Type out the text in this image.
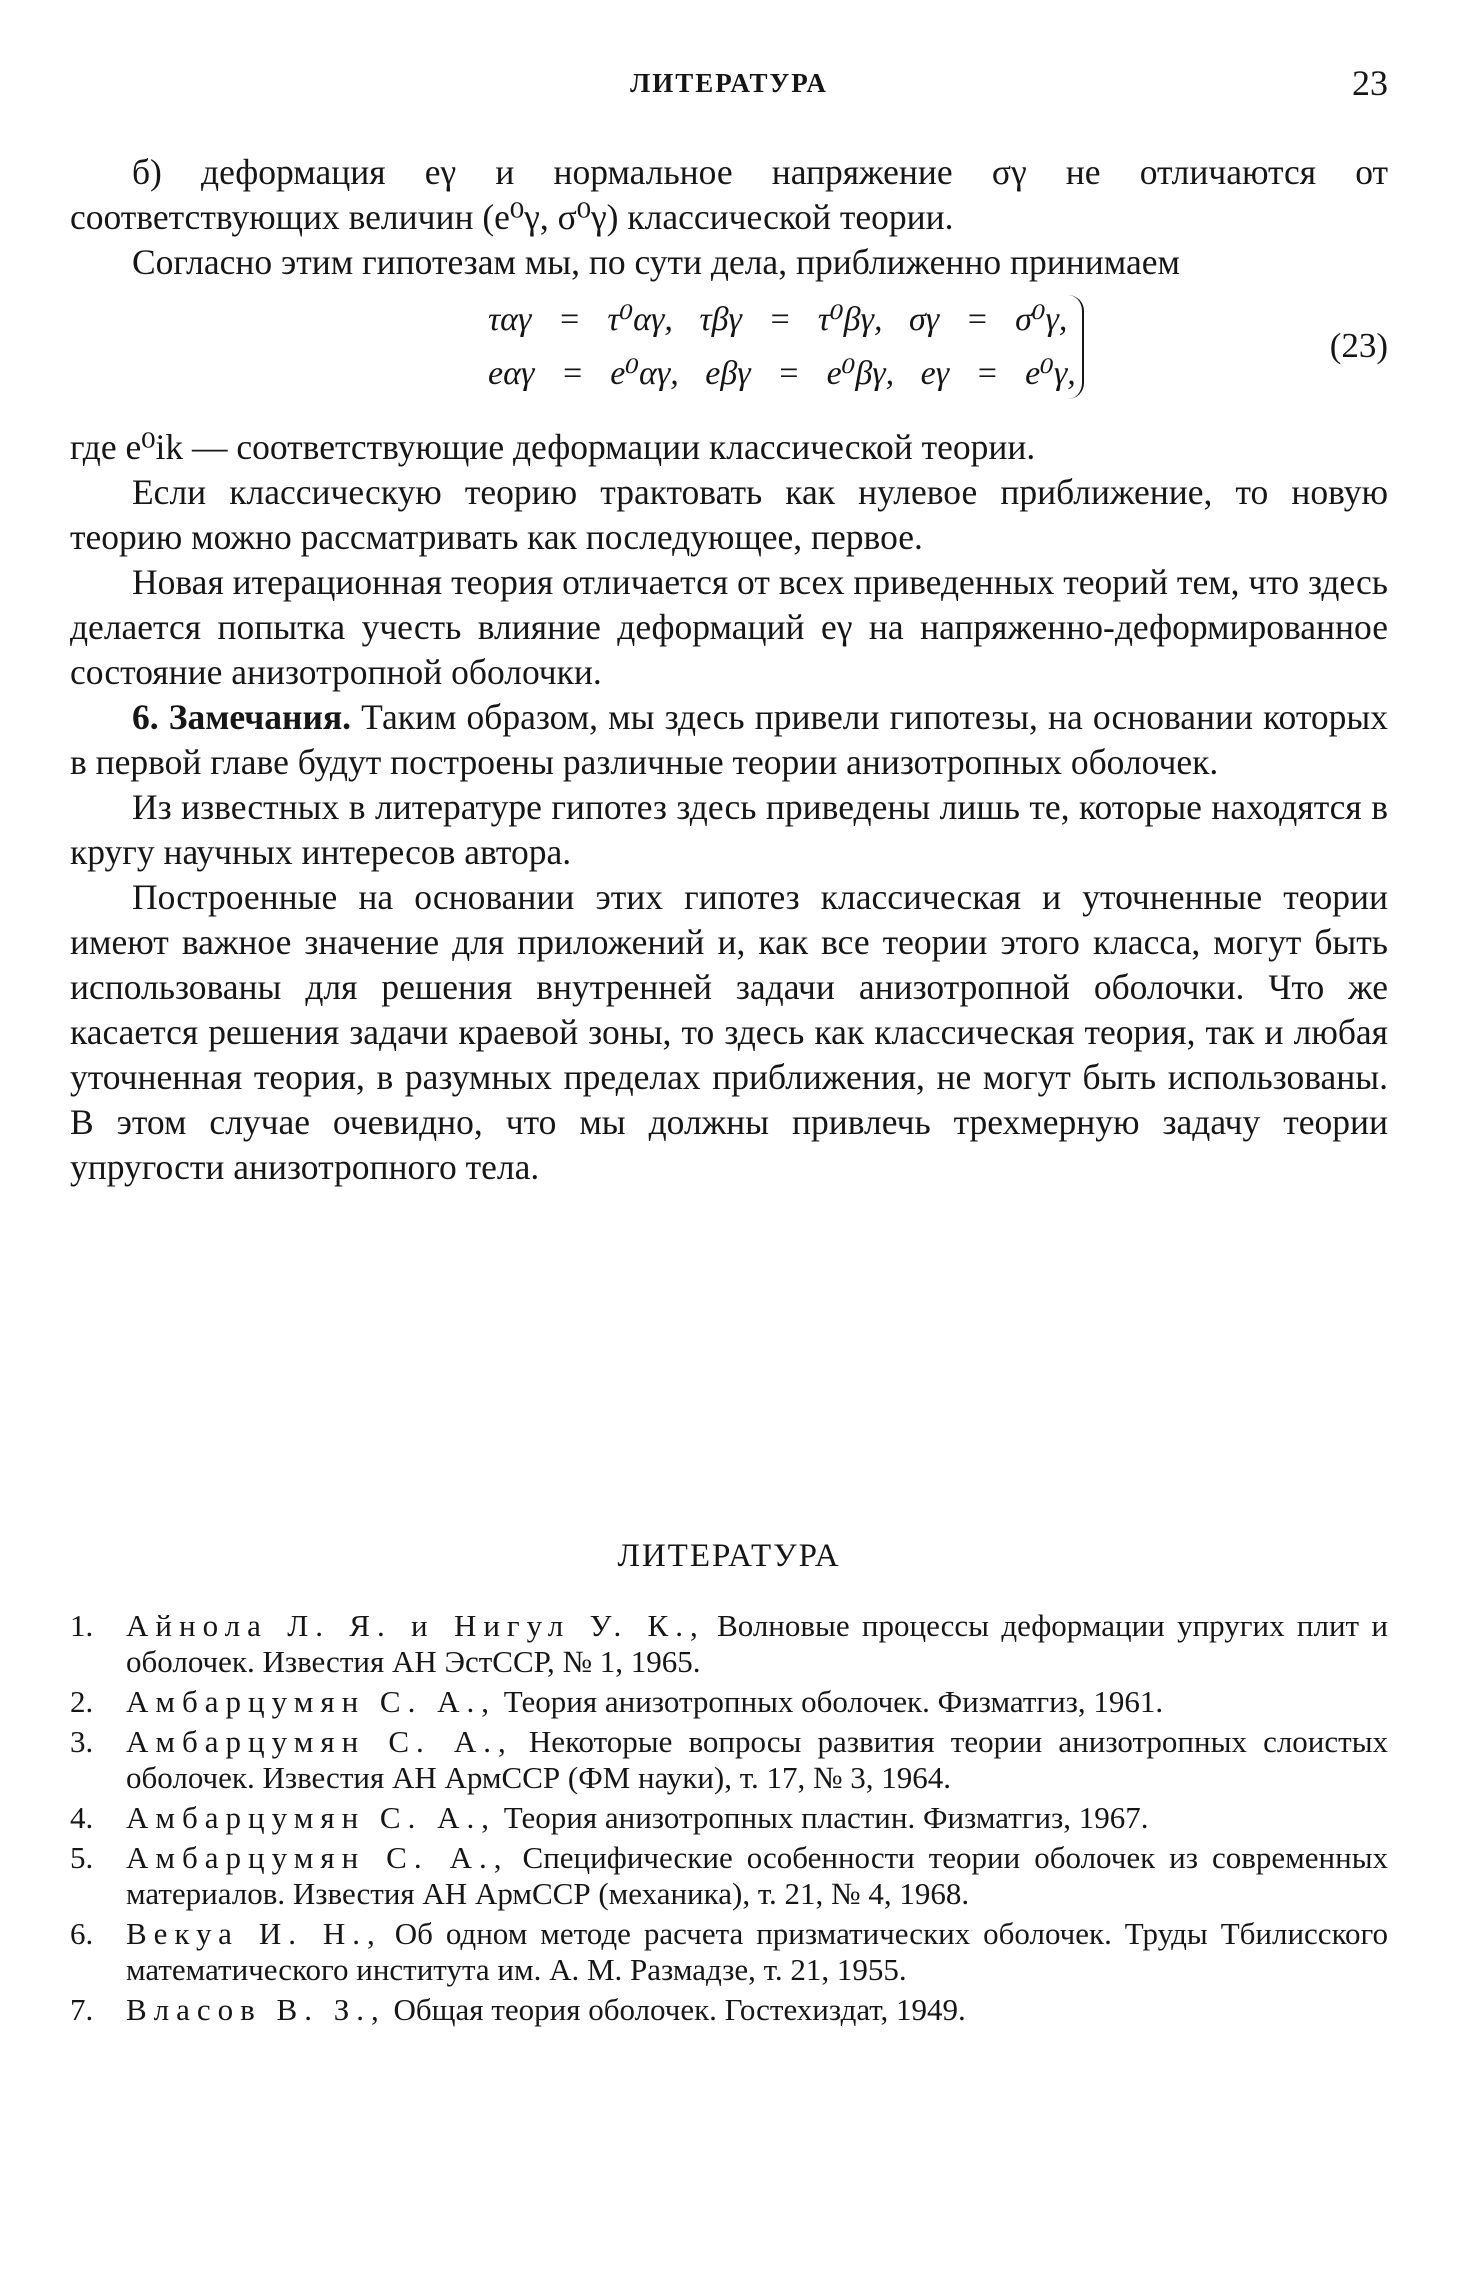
ЛИТЕРАТУРА	23

б) деформация eγ и нормальное напряжение σγ не отличаются от соответствующих величин (e⁰γ, σ⁰γ) классической теории.

Согласно этим гипотезам мы, по сути дела, приближенно принимаем

ταγ = τ⁰αγ, τβγ = τ⁰βγ, σγ = σ⁰γ,
eαγ = e⁰αγ, eβγ = e⁰βγ, eγ = e⁰γ,
(23)

где e⁰ik — соответствующие деформации классической теории.

Если классическую теорию трактовать как нулевое приближение, то новую теорию можно рассматривать как последующее, первое.

Новая итерационная теория отличается от всех приведенных теорий тем, что здесь делается попытка учесть влияние деформаций eγ на напряженно-деформированное состояние анизотропной оболочки.

6. Замечания. Таким образом, мы здесь привели гипотезы, на основании которых в первой главе будут построены различные теории анизотропных оболочек.

Из известных в литературе гипотез здесь приведены лишь те, которые находятся в кругу научных интересов автора.

Построенные на основании этих гипотез классическая и уточненные теории имеют важное значение для приложений и, как все теории этого класса, могут быть использованы для решения внутренней задачи анизотропной оболочки. Что же касается решения задачи краевой зоны, то здесь как классическая теория, так и любая уточненная теория, в разумных пределах приближения, не могут быть использованы. В этом случае очевидно, что мы должны привлечь трехмерную задачу теории упругости анизотропного тела.

ЛИТЕРАТУРА
1.	Айнола Л. Я. и Нигул У. К., Волновые процессы деформации упругих плит и оболочек. Известия АН ЭстССР, № 1, 1965.
2.	Амбарцумян С. А., Теория анизотропных оболочек. Физматгиз, 1961.
3.	Амбарцумян С. А., Некоторые вопросы развития теории анизотропных слоистых оболочек. Известия АН АрмССР (ФМ науки), т. 17, № 3, 1964.
4.	Амбарцумян С. А., Теория анизотропных пластин. Физматгиз, 1967.
5.	Амбарцумян С. А., Специфические особенности теории оболочек из современных материалов. Известия АН АрмССР (механика), т. 21, № 4, 1968.
6.	Векуа И. Н., Об одном методе расчета призматических оболочек. Труды Тбилисского математического института им. А. М. Размадзе, т. 21, 1955.
7.	Власов В. З., Общая теория оболочек. Гостехиздат, 1949.
